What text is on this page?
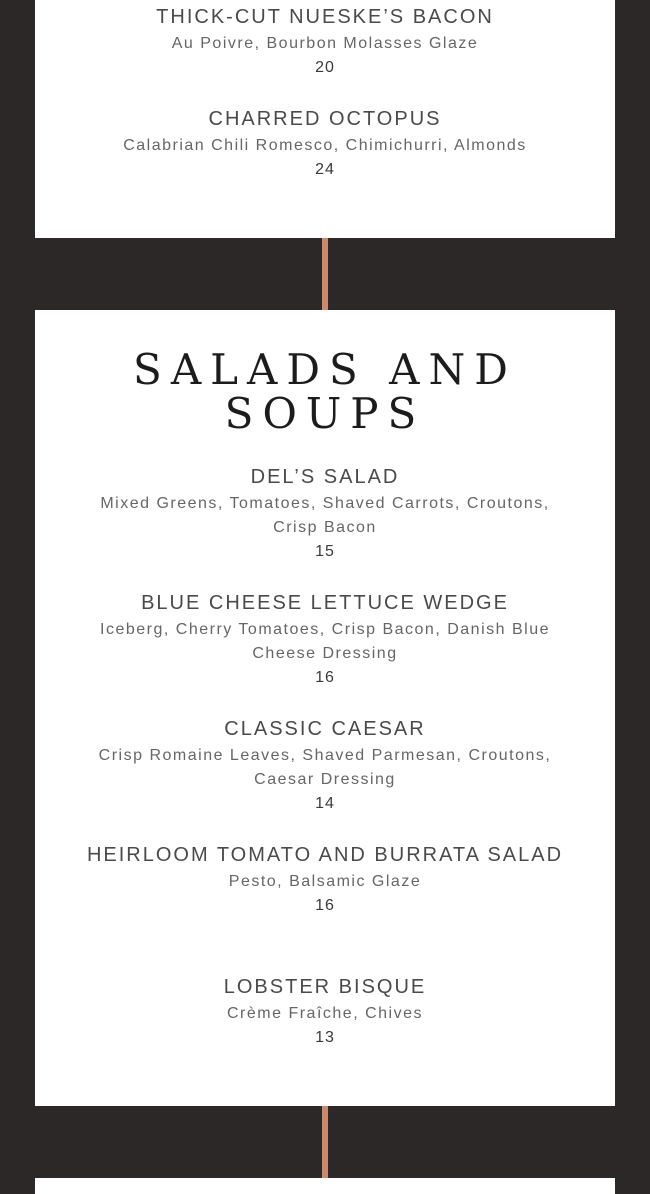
THICK-CUT NUESKE’S BACON
Au Poivre, Bourbon Molasses Glaze
20
CHARRED OCTOPUS
Calabrian Chili Romesco, Chimichurri, Almonds
24
SALADS AND SOUPS
DEL’S SALAD
Mixed Greens, Tomatoes, Shaved Carrots, Croutons, Crisp Bacon
15
BLUE CHEESE LETTUCE WEDGE
Iceberg, Cherry Tomatoes, Crisp Bacon, Danish Blue Cheese Dressing
16
CLASSIC CAESAR
Crisp Romaine Leaves, Shaved Parmesan, Croutons, Caesar Dressing
14
HEIRLOOM TOMATO AND BURRATA SALAD
Pesto, Balsamic Glaze
16
LOBSTER BISQUE
Crème Fraîche, Chives
13
